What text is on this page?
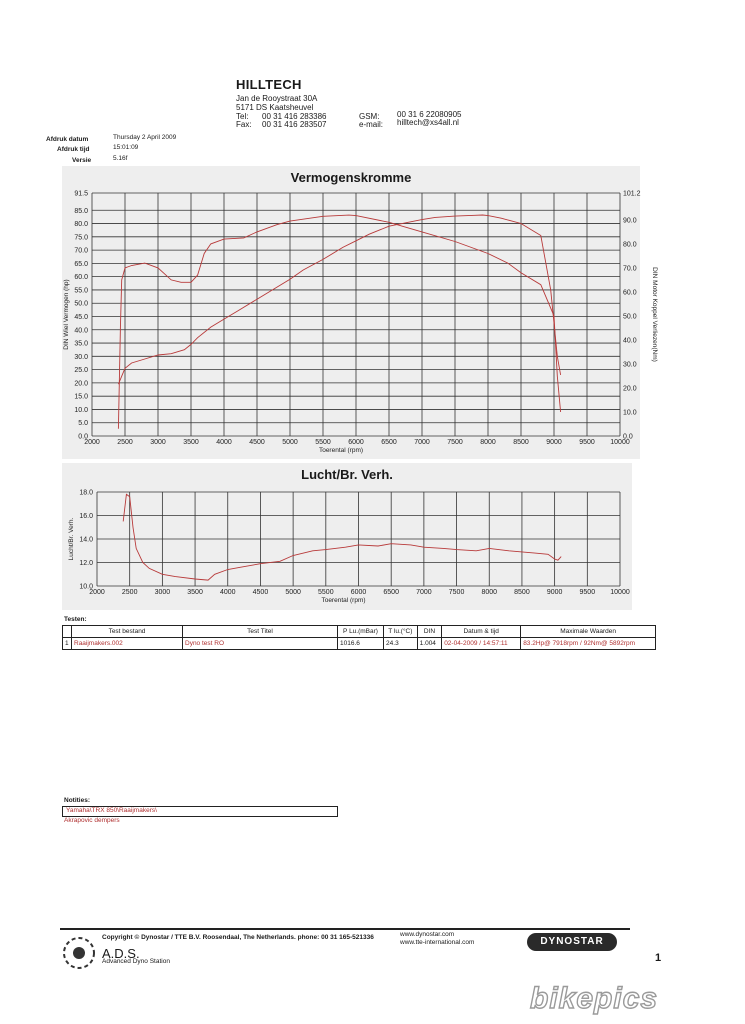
HILLTECH
Jan de Rooystraat 30A
5171 DS Kaatsheuvel
Tel: 00 31 416 283386
Fax: 00 31 416 283507
GSM: 00 31 6 22080905
e-mail: hilltech@xs4all.nl
Afdruk datum	Thursday 2 April 2009
Afdruk tijd	15:01:09
Versie	5.16f
Vermogenskromme
2000 2500 3000 3500 4000 4500 5000 5500 6000 6500 7000 7500 8000 8500 9000 9500 10000
0.0
5.0
10.0
15.0
20.0
25.0
30.0
35.0
40.0
45.0
50.0
55.0
60.0
65.0
70.0
75.0
80.0
85.0
91.5
0.0
10.0
20.0
30.0
40.0
50.0
60.0
70.0
80.0
90.0
101.2
DIN Motor Koppel Verliezen(Nm)
Toerental (rpm)
DIN Wiel Vermogen (hp)
Lucht/Br. Verh.
2000 2500 3000 3500 4000 4500 5000 5500 6000 6500 7000 7500 8000 8500 9000 9500 10000
10.0
12.0
14.0
16.0
18.0
Toerental (rpm)
Lucht/Br. Verh.
Testen:
	Test bestand	Test Titel	P Lu.(mBar)	T lu.(°C)	DIN	Datum & tijd	Maximale Waarden
1	Raaijmakers.002	Dyno test RO	1016.6	24.3	1.004	02-04-2009 / 14:57:11	83.2Hp@ 7918rpm / 92Nm@ 5892rpm
Notities:
Yamaha\TRX 850\Raaijmakers\
Akrapovic dempers
Copyright © Dynostar / TTE B.V. Roosendaal, The Netherlands. phone: 00 31 165-521336	www.dynostar.com
www.tte-international.com
A.D.S.
Advanced Dyno Station
DYNOSTAR
1
bikepics
